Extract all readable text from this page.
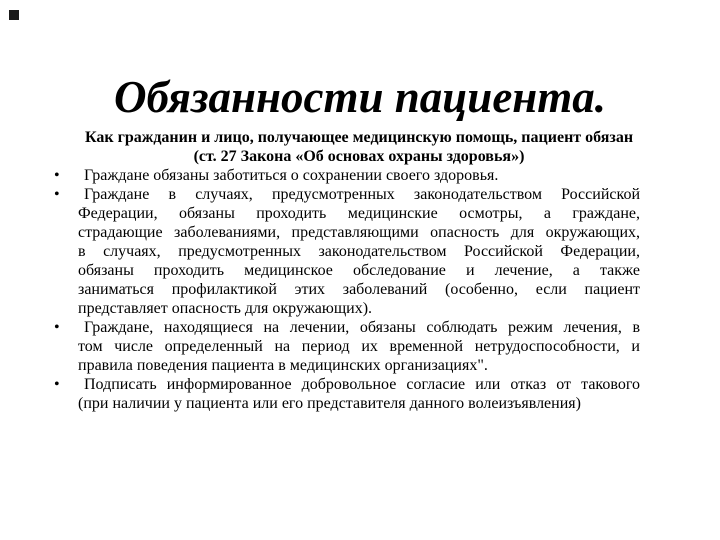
Обязанности пациента.
Как гражданин и лицо, получающее медицинскую помощь, пациент обязан
(ст. 27 Закона «Об основах охраны здоровья»)
•	Граждане обязаны заботиться о сохранении своего здоровья.
•	Граждане в случаях, предусмотренных законодательством Российской
Федерации, обязаны проходить медицинские осмотры, а граждане,
страдающие заболеваниями, представляющими опасность для окружающих,
в случаях, предусмотренных законодательством Российской Федерации,
обязаны проходить медицинское обследование и лечение, а также
заниматься профилактикой этих заболеваний (особенно, если пациент
представляет опасность для окружающих).
•	Граждане, находящиеся на лечении, обязаны соблюдать режим лечения, в
том числе определенный на период их временной нетрудоспособности, и
правила поведения пациента в медицинских организациях".
•	Подписать информированное добровольное согласие или отказ от такового
(при наличии у пациента или его представителя данного волеизъявления)
